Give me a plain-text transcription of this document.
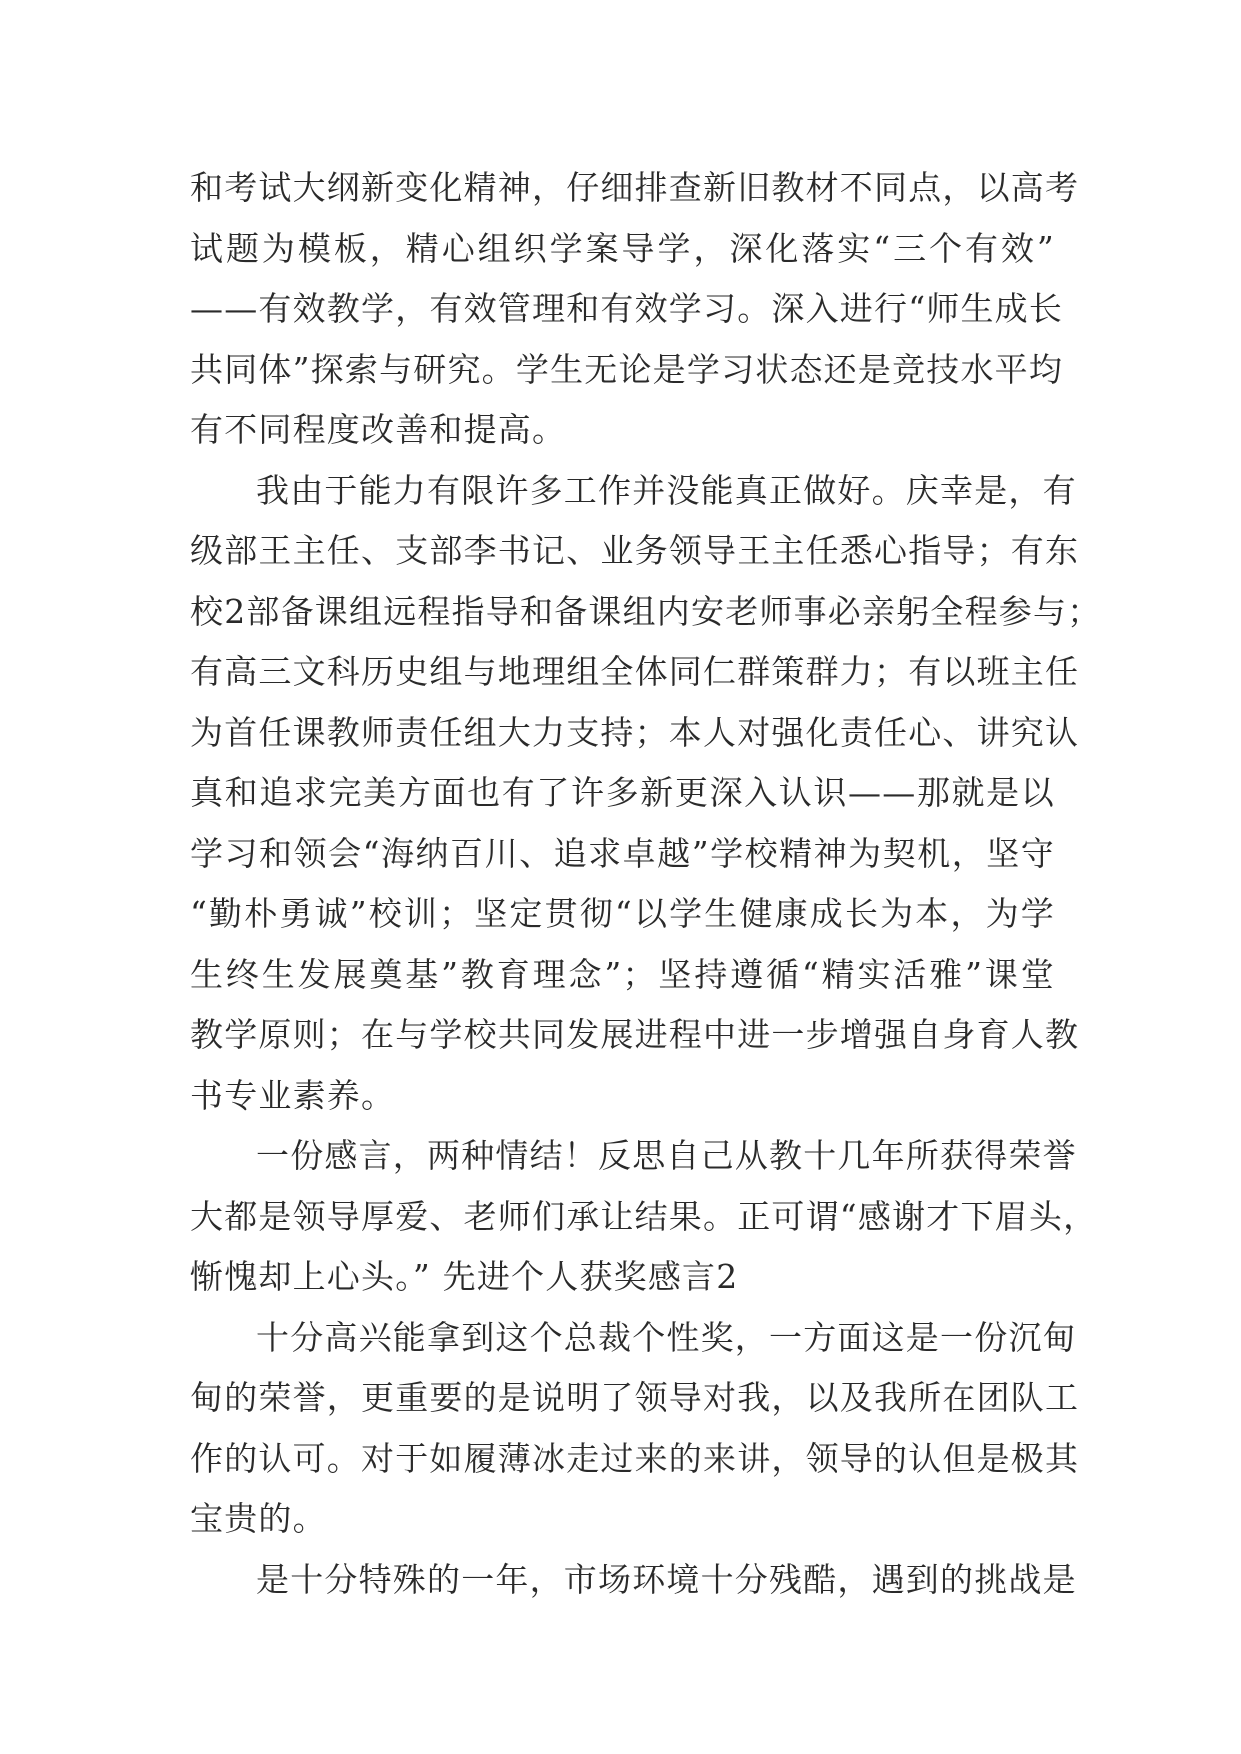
和考试大纲新变化精神，仔细排查新旧教材不同点，以高考
试题为模板，精心组织学案导学，深化落实“三个有效”
——有效教学，有效管理和有效学习。深入进行“师生成长
共同体”探索与研究。学生无论是学习状态还是竞技水平均
有不同程度改善和提高。
我由于能力有限许多工作并没能真正做好。庆幸是，有
级部王主任、支部李书记、业务领导王主任悉心指导；有东
校2部备课组远程指导和备课组内安老师事必亲躬全程参与；
有高三文科历史组与地理组全体同仁群策群力；有以班主任
为首任课教师责任组大力支持；本人对强化责任心、讲究认
真和追求完美方面也有了许多新更深入认识——那就是以
学习和领会“海纳百川、追求卓越”学校精神为契机，坚守
“勤朴勇诚”校训；坚定贯彻“以学生健康成长为本，为学
生终生发展奠基”教育理念”；坚持遵循“精实活雅”课堂
教学原则；在与学校共同发展进程中进一步增强自身育人教
书专业素养。
一份感言，两种情结！反思自己从教十几年所获得荣誉
大都是领导厚爱、老师们承让结果。正可谓“感谢才下眉头，
惭愧却上心头。” 先进个人获奖感言2
十分高兴能拿到这个总裁个性奖，一方面这是一份沉甸
甸的荣誉，更重要的是说明了领导对我，以及我所在团队工
作的认可。对于如履薄冰走过来的来讲，领导的认但是极其
宝贵的。
是十分特殊的一年，市场环境十分残酷，遇到的挑战是
